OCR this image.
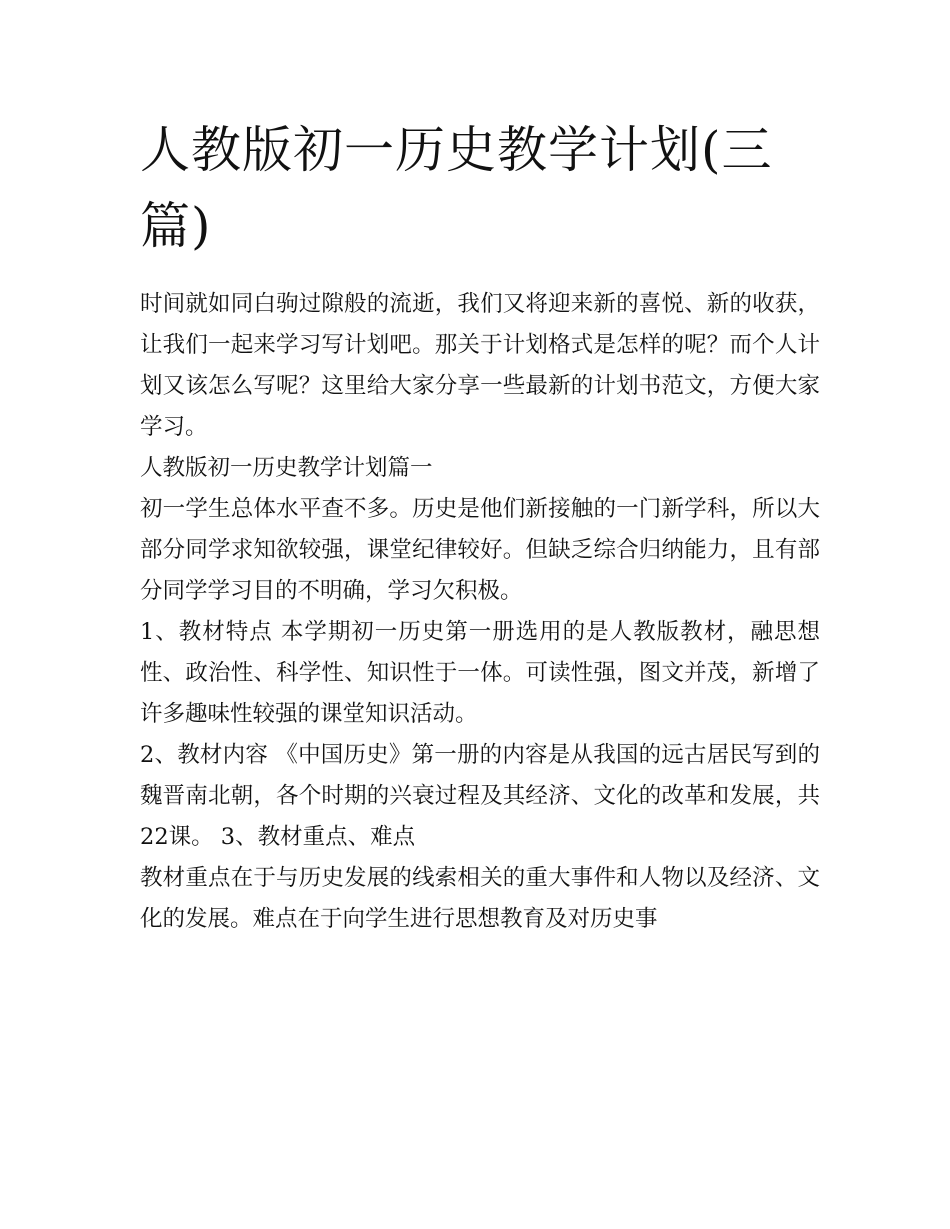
人教版初一历史教学计划(三篇)

时间就如同白驹过隙般的流逝，我们又将迎来新的喜悦、新的收获，让我们一起来学习写计划吧。那关于计划格式是怎样的呢？而个人计划又该怎么写呢？这里给大家分享一些最新的计划书范文，方便大家学习。

人教版初一历史教学计划篇一

初一学生总体水平查不多。历史是他们新接触的一门新学科，所以大部分同学求知欲较强，课堂纪律较好。但缺乏综合归纳能力，且有部分同学学习目的不明确，学习欠积极。

1、教材特点 本学期初一历史第一册选用的是人教版教材，融思想性、政治性、科学性、知识性于一体。可读性强，图文并茂，新增了许多趣味性较强的课堂知识活动。

2、教材内容 《中国历史》第一册的内容是从我国的远古居民写到的魏晋南北朝，各个时期的兴衰过程及其经济、文化的改革和发展，共22课。 3、教材重点、难点

教材重点在于与历史发展的线索相关的重大事件和人物以及经济、文化的发展。难点在于向学生进行思想教育及对历史事
